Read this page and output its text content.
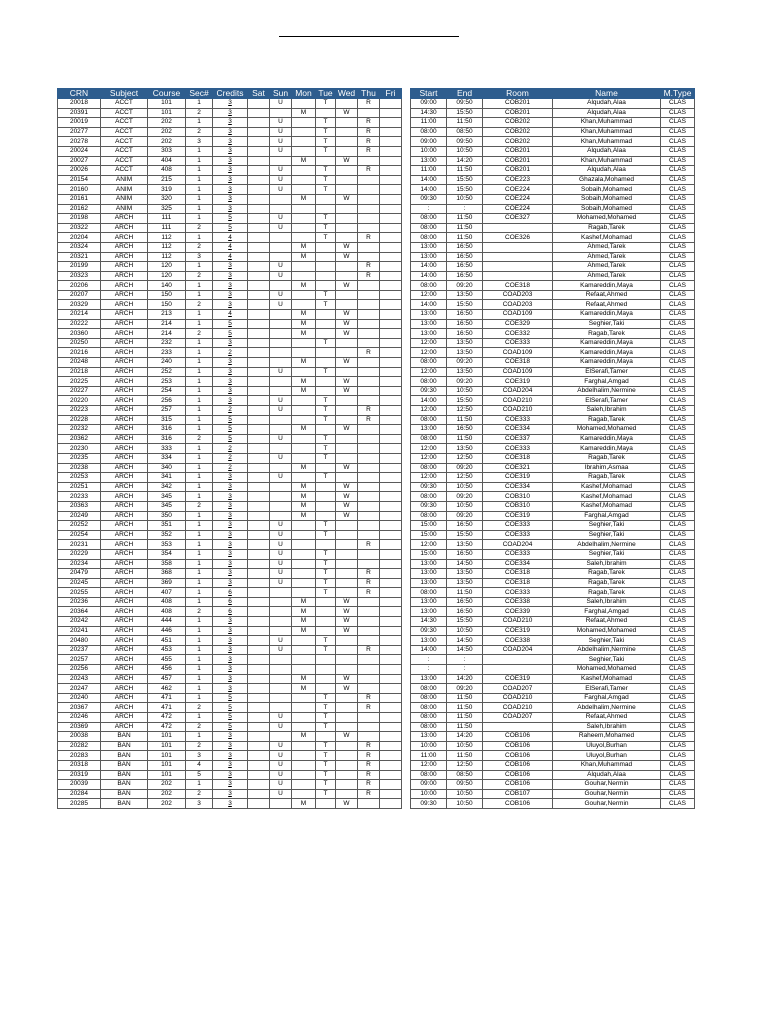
CRN	Subject	Course	Sec#	Credits	Sat	Sun	Mon	Tue	Wed	Thu	Fri		Start	End	Room	Name	M.Type
20018	ACCT	101	1	3		U		T		R			09:00	09:50	COB201	Alqudah,Alaa	CLAS
20391	ACCT	101	2	3			M		W				14:30	15:50	COB201	Alqudah,Alaa	CLAS
20019	ACCT	202	1	3		U		T		R			11:00	11:50	COB202	Khan,Muhammad	CLAS
20277	ACCT	202	2	3		U		T		R			08:00	08:50	COB202	Khan,Muhammad	CLAS
20278	ACCT	202	3	3		U		T		R			09:00	09:50	COB202	Khan,Muhammad	CLAS
20024	ACCT	303	1	3		U		T		R			10:00	10:50	COB201	Alqudah,Alaa	CLAS
20027	ACCT	404	1	3			M		W				13:00	14:20	COB201	Khan,Muhammad	CLAS
20026	ACCT	408	1	3		U		T		R			11:00	11:50	COB201	Alqudah,Alaa	CLAS
20154	ANIM	215	1	3		U		T					14:00	15:50	COE223	Ghazala,Mohamed	CLAS
20160	ANIM	319	1	3		U		T					14:00	15:50	COE224	Sobaih,Mohamed	CLAS
20161	ANIM	320	1	3			M		W				09:30	10:50	COE224	Sobaih,Mohamed	CLAS
20162	ANIM	325	1	3									:	:	COE224	Sobaih,Mohamed	CLAS
20198	ARCH	111	1	5		U		T					08:00	11:50	COE327	Mohamed,Mohamed	CLAS
20322	ARCH	111	2	5		U		T					08:00	11:50		Ragab,Tarek	CLAS
20204	ARCH	112	1	4				T		R			08:00	11:50	COE326	Kashef,Mohamad	CLAS
20324	ARCH	112	2	4			M		W				13:00	16:50		Ahmed,Tarek	CLAS
20321	ARCH	112	3	4			M		W				13:00	16:50		Ahmed,Tarek	CLAS
20199	ARCH	120	1	3		U				R			14:00	16:50		Ahmed,Tarek	CLAS
20323	ARCH	120	2	3		U				R			14:00	16:50		Ahmed,Tarek	CLAS
20206	ARCH	140	1	3			M		W				08:00	09:20	COE318	Kamareddin,Maya	CLAS
20207	ARCH	150	1	3		U		T					12:00	13:50	COAD203	Refaat,Ahmed	CLAS
20329	ARCH	150	2	3		U		T					14:00	15:50	COAD203	Refaat,Ahmed	CLAS
20214	ARCH	213	1	4			M		W				13:00	16:50	COAD109	Kamareddin,Maya	CLAS
20222	ARCH	214	1	5			M		W				13:00	16:50	COE329	Seghier,Taki	CLAS
20360	ARCH	214	2	5			M		W				13:00	16:50	COE332	Ragab,Tarek	CLAS
20250	ARCH	232	1	3				T					12:00	13:50	COE333	Kamareddin,Maya	CLAS
20216	ARCH	233	1	2						R			12:00	13:50	COAD109	Kamareddin,Maya	CLAS
20248	ARCH	240	1	3			M		W				08:00	09:20	COE318	Kamareddin,Maya	CLAS
20218	ARCH	252	1	3		U		T					12:00	13:50	COAD109	ElSerafi,Tamer	CLAS
20225	ARCH	253	1	3			M		W				08:00	09:20	COE319	Farghal,Amgad	CLAS
20227	ARCH	254	1	3			M		W				09:30	10:50	COAD204	Abdelhalim,Nermine	CLAS
20220	ARCH	256	1	3		U		T					14:00	15:50	COAD210	ElSerafi,Tamer	CLAS
20223	ARCH	257	1	2		U		T		R			12:00	12:50	COAD210	Saleh,Ibrahim	CLAS
20228	ARCH	315	1	5				T		R			08:00	11:50	COE333	Ragab,Tarek	CLAS
20232	ARCH	316	1	5			M		W				13:00	16:50	COE334	Mohamed,Mohamed	CLAS
20362	ARCH	316	2	5		U		T					08:00	11:50	COE337	Kamareddin,Maya	CLAS
20230	ARCH	333	1	2				T					12:00	13:50	COE333	Kamareddin,Maya	CLAS
20235	ARCH	334	1	2		U		T					12:00	12:50	COE318	Ragab,Tarek	CLAS
20238	ARCH	340	1	2			M		W				08:00	09:20	COE321	Ibrahim,Asmaa	CLAS
20253	ARCH	341	1	3		U		T					12:00	12:50	COE319	Ragab,Tarek	CLAS
20251	ARCH	342	1	3			M		W				09:30	10:50	COE334	Kashef,Mohamad	CLAS
20233	ARCH	345	1	3			M		W				08:00	09:20	COB310	Kashef,Mohamad	CLAS
20363	ARCH	345	2	3			M		W				09:30	10:50	COB310	Kashef,Mohamad	CLAS
20249	ARCH	350	1	3			M		W				08:00	09:20	COE319	Farghal,Amgad	CLAS
20252	ARCH	351	1	3		U		T					15:00	16:50	COE333	Seghier,Taki	CLAS
20254	ARCH	352	1	3		U		T					15:00	15:50	COE333	Seghier,Taki	CLAS
20231	ARCH	353	1	3		U				R			12:00	13:50	COAD204	Abdelhalim,Nermine	CLAS
20229	ARCH	354	1	3		U		T					15:00	16:50	COE333	Seghier,Taki	CLAS
20234	ARCH	358	1	3		U		T					13:00	14:50	COE334	Saleh,Ibrahim	CLAS
20479	ARCH	368	1	3		U		T		R			13:00	13:50	COE318	Ragab,Tarek	CLAS
20245	ARCH	369	1	3		U		T		R			13:00	13:50	COE318	Ragab,Tarek	CLAS
20255	ARCH	407	1	6				T		R			08:00	11:50	COE333	Ragab,Tarek	CLAS
20236	ARCH	408	1	6			M		W				13:00	16:50	COE338	Saleh,Ibrahim	CLAS
20364	ARCH	408	2	6			M		W				13:00	16:50	COE339	Farghal,Amgad	CLAS
20242	ARCH	444	1	3			M		W				14:30	15:50	COAD210	Refaat,Ahmed	CLAS
20241	ARCH	446	1	3			M		W				09:30	10:50	COE319	Mohamed,Mohamed	CLAS
20480	ARCH	451	1	3		U		T					13:00	14:50	COE338	Seghier,Taki	CLAS
20237	ARCH	453	1	3		U		T		R			14:00	14:50	COAD204	Abdelhalim,Nermine	CLAS
20257	ARCH	455	1	3									:	:		Seghier,Taki	CLAS
20256	ARCH	456	1	3									:	:		Mohamed,Mohamed	CLAS
20243	ARCH	457	1	3			M		W				13:00	14:20	COE319	Kashef,Mohamad	CLAS
20247	ARCH	462	1	3			M		W				08:00	09:20	COAD207	ElSerafi,Tamer	CLAS
20240	ARCH	471	1	5				T		R			08:00	11:50	COAD210	Farghal,Amgad	CLAS
20367	ARCH	471	2	5				T		R			08:00	11:50	COAD210	Abdelhalim,Nermine	CLAS
20246	ARCH	472	1	5		U		T					08:00	11:50	COAD207	Refaat,Ahmed	CLAS
20369	ARCH	472	2	5		U		T					08:00	11:50		Saleh,Ibrahim	CLAS
20038	BAN	101	1	3			M		W				13:00	14:20	COB106	Raheem,Mohamed	CLAS
20282	BAN	101	2	3		U		T		R			10:00	10:50	COB106	Uluyol,Burhan	CLAS
20283	BAN	101	3	3		U		T		R			11:00	11:50	COB106	Uluyol,Burhan	CLAS
20318	BAN	101	4	3		U		T		R			12:00	12:50	COB106	Khan,Muhammad	CLAS
20319	BAN	101	5	3		U		T		R			08:00	08:50	COB106	Alqudah,Alaa	CLAS
20039	BAN	202	1	3		U		T		R			09:00	09:50	COB106	Gouhar,Nermin	CLAS
20284	BAN	202	2	3		U		T		R			10:00	10:50	COB107	Gouhar,Nermin	CLAS
20285	BAN	202	3	3			M		W				09:30	10:50	COB106	Gouhar,Nermin	CLAS
